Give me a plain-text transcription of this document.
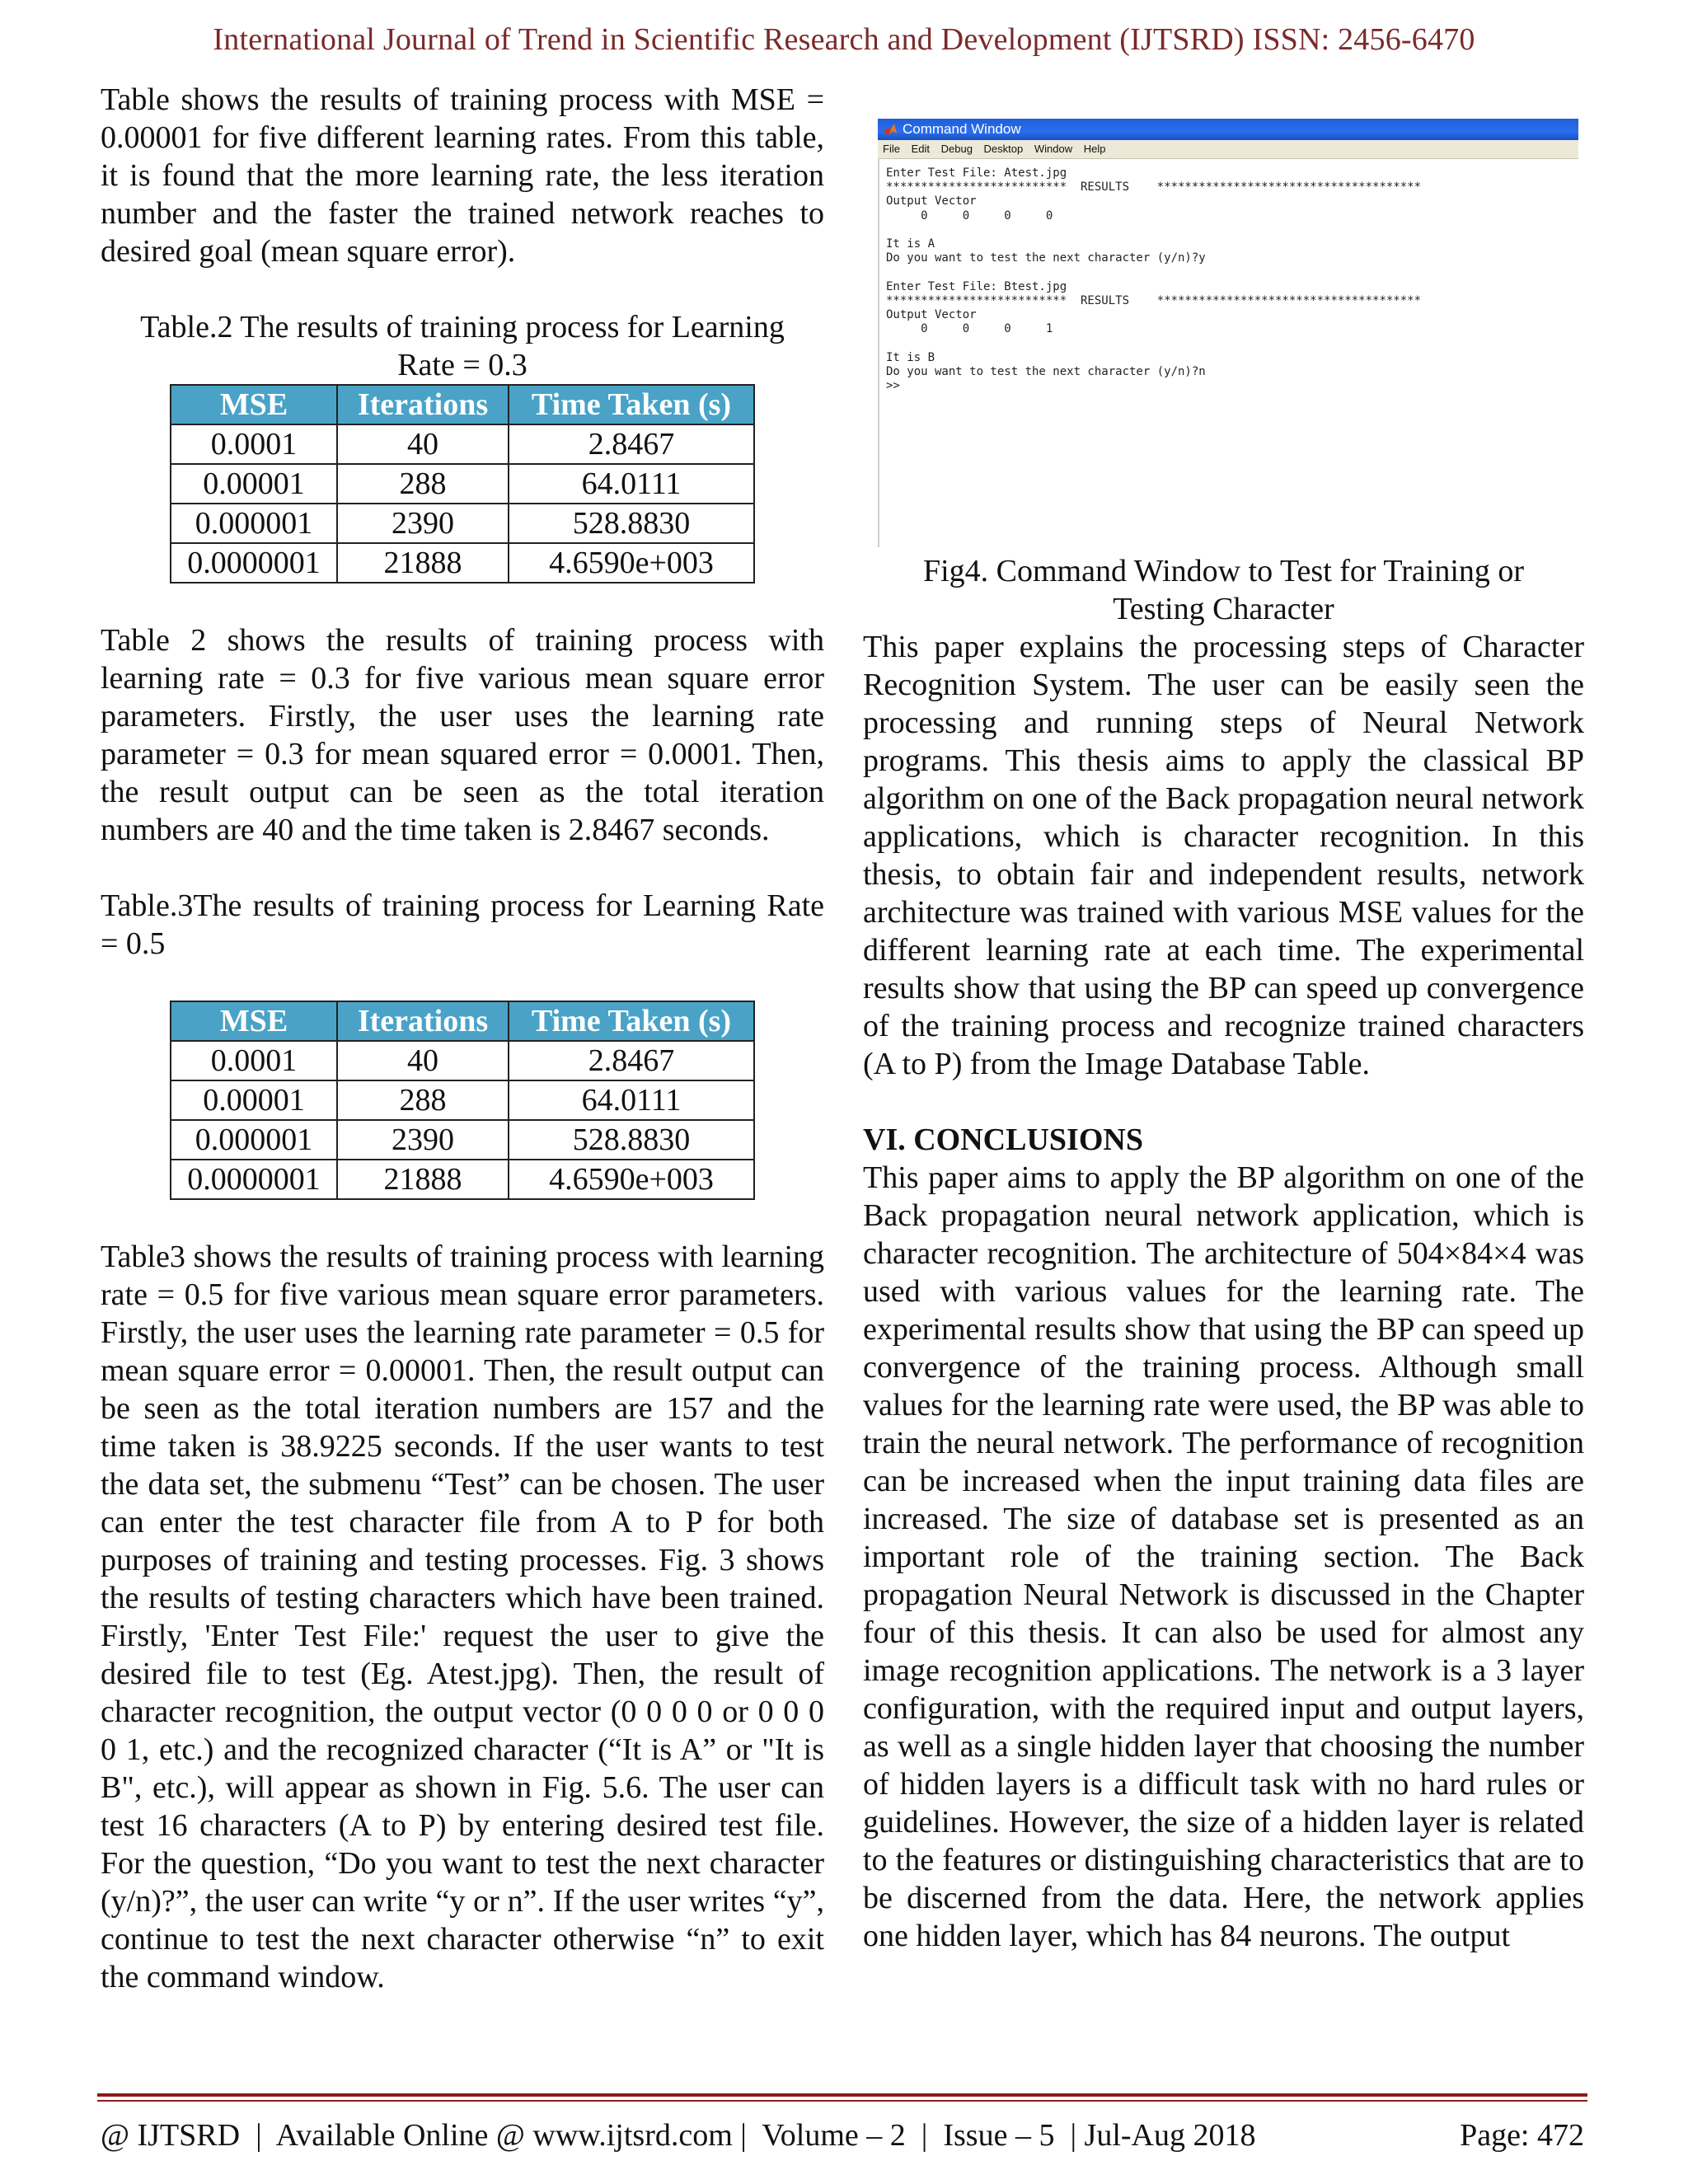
International Journal of Trend in Scientific Research and Development (IJTSRD) ISSN: 2456-6470

Table shows the results of training process with MSE = 0.00001 for five different learning rates. From this table, it is found that the more learning rate, the less iteration number and the faster the trained network reaches to desired goal (mean square error).

Table.2 The results of training process for Learning

Rate = 0.3

MSE	Iterations	Time Taken (s)
0.0001	40	2.8467
0.00001	288	64.0111
0.000001	2390	528.8830
0.0000001	21888	4.6590e+003

Table 2 shows the results of training process with learning rate = 0.3 for five various mean square error parameters. Firstly, the user uses the learning rate parameter = 0.3 for mean squared error = 0.0001. Then, the result output can be seen as the total iteration numbers are 40 and the time taken is 2.8467 seconds.

Table.3The results of training process for Learning Rate = 0.5

MSE	Iterations	Time Taken (s)
0.0001	40	2.8467
0.00001	288	64.0111
0.000001	2390	528.8830
0.0000001	21888	4.6590e+003

Table3 shows the results of training process with learning rate = 0.5 for five various mean square error parameters. Firstly, the user uses the learning rate parameter = 0.5 for mean square error = 0.00001. Then, the result output can be seen as the total iteration numbers are 157 and the time taken is 38.9225 seconds. If the user wants to test the data set, the submenu “Test” can be chosen. The user can enter the test character file from A to P for both purposes of training and testing processes. Fig. 3 shows the results of testing characters which have been trained. Firstly, 'Enter Test File:' request the user to give the desired file to test (Eg. Atest.jpg). Then, the result of character recognition, the output vector (0 0 0 0 or 0 0 0 0 1, etc.) and the recognized character (“It is A” or "It is B", etc.), will appear as shown in Fig. 5.6. The user can test 16 characters (A to P) by entering desired test file. For the question, “Do you want to test the next character (y/n)?”, the user can write “y or n”. If the user writes “y”, continue to test the next character otherwise “n” to exit the command window.

Command Window
File Edit Debug Desktop Window Help
Enter Test File: Atest.jpg
**************************  RESULTS    **************************************
Output Vector
0     0     0     0

It is A
Do you want to test the next character (y/n)?y

Enter Test File: Btest.jpg
**************************  RESULTS    **************************************
Output Vector
0     0     0     1

It is B
Do you want to test the next character (y/n)?n
>>

Fig4. Command Window to Test for Training or

Testing Character

This paper explains the processing steps of Character Recognition System. The user can be easily seen the processing and running steps of Neural Network programs. This thesis aims to apply the classical BP algorithm on one of the Back propagation neural network applications, which is character recognition. In this thesis, to obtain fair and independent results, network architecture was trained with various MSE values for the different learning rate at each time. The experimental results show that using the BP can speed up convergence of the training process and recognize trained characters (A to P) from the Image Database Table.

VI. CONCLUSIONS

This paper aims to apply the BP algorithm on one of the Back propagation neural network application, which is character recognition. The architecture of 504×84×4 was used with various values for the learning rate. The experimental results show that using the BP can speed up convergence of the training process. Although small values for the learning rate were used, the BP was able to train the neural network. The performance of recognition can be increased when the input training data files are increased. The size of database set is presented as an important role of the training section. The Back propagation Neural Network is discussed in the Chapter four of this thesis. It can also be used for almost any image recognition applications. The network is a 3 layer configuration, with the required input and output layers, as well as a single hidden layer that choosing the number of hidden layers is a difficult task with no hard rules or guidelines. However, the size of a hidden layer is related to the features or distinguishing characteristics that are to be discerned from the data. Here, the network applies one hidden layer, which has 84 neurons. The output

@ IJTSRD  |  Available Online @ www.ijtsrd.com |  Volume – 2  |  Issue – 5  | Jul-Aug 2018	Page: 472
